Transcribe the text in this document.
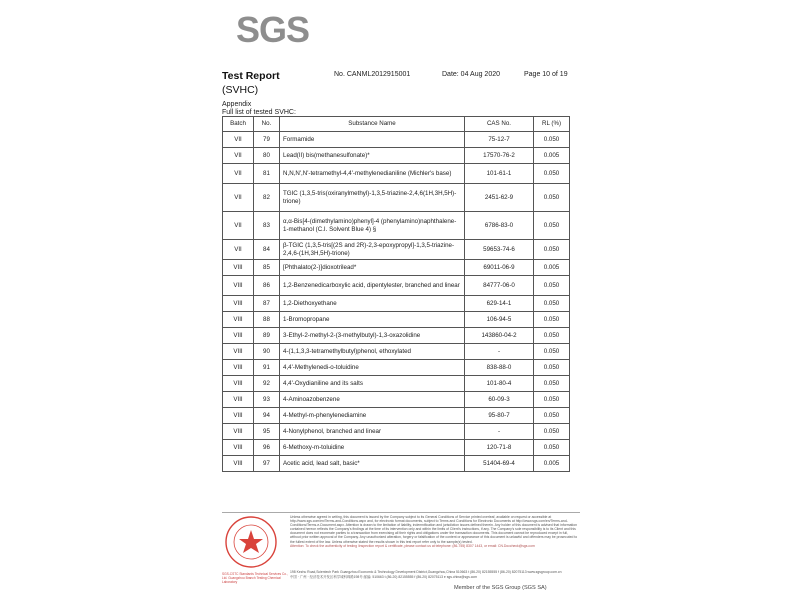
SGS
Test Report
(SVHC)
No. CANML2012915001	Date: 04 Aug 2020	Page 10 of 19
Appendix
Full list of tested SVHC:
Batch	No.	Substance Name	CAS No.	RL (%)
VII	79	Formamide	75-12-7	0.050
VII	80	Lead(II) bis(methanesulfonate)*	17570-76-2	0.005
VII	81	N,N,N',N'-tetramethyl-4,4'-methylenedianiline (Michler's base)	101-61-1	0.050
VII	82	TGIC (1,3,5-tris(oxiranylmethyl)-1,3,5-triazine-2,4,6(1H,3H,5H)-trione)	2451-62-9	0.050
VII	83	α,α-Bis[4-(dimethylamino)phenyl]-4 (phenylamino)naphthalene-1-methanol (C.I. Solvent Blue 4) §	6786-83-0	0.050
VII	84	β-TGIC (1,3,5-tris[(2S and 2R)-2,3-epoxypropyl]-1,3,5-triazine-2,4,6-(1H,3H,5H)-trione)	59653-74-6	0.050
VIII	85	[Phthalato(2-)]dioxotrilead*	69011-06-9	0.005
VIII	86	1,2-Benzenedicarboxylic acid, dipentylester, branched and linear	84777-06-0	0.050
VIII	87	1,2-Diethoxyethane	629-14-1	0.050
VIII	88	1-Bromopropane	106-94-5	0.050
VIII	89	3-Ethyl-2-methyl-2-(3-methylbutyl)-1,3-oxazolidine	143860-04-2	0.050
VIII	90	4-(1,1,3,3-tetramethylbutyl)phenol, ethoxylated	-	0.050
VIII	91	4,4'-Methylenedi-o-toluidine	838-88-0	0.050
VIII	92	4,4'-Oxydianiline and its salts	101-80-4	0.050
VIII	93	4-Aminoazobenzene	60-09-3	0.050
VIII	94	4-Methyl-m-phenylenediamine	95-80-7	0.050
VIII	95	4-Nonylphenol, branched and linear	-	0.050
VIII	96	6-Methoxy-m-toluidine	120-71-8	0.050
VIII	97	Acetic acid, lead salt, basic*	51404-69-4	0.005
SGS-CSTC Standards Technical Services Co., Ltd. Guangzhou Branch Testing Chemical Laboratory
Unless otherwise agreed in writing, this document is issued by the Company subject to its General Conditions of Service printed overleaf, available on request or accessible at http://www.sgs.com/en/Terms-and-Conditions.aspx and, for electronic format documents, subject to Terms and Conditions for Electronic Documents at http://www.sgs.com/en/Terms-and-Conditions/Terms-e-Document.aspx. Attention is drawn to the limitation of liability, indemnification and jurisdiction issues defined therein. Any holder of this document is advised that information contained hereon reflects the Company's findings at the time of its intervention only and within the limits of Client's instructions, if any. The Company's sole responsibility is to its Client and this document does not exonerate parties to a transaction from exercising all their rights and obligations under the transaction documents. This document cannot be reproduced except in full, without prior written approval of the Company. Any unauthorized alteration, forgery or falsification of the content or appearance of this document is unlawful and offenders may be prosecuted to the fullest extent of the law. Unless otherwise stated the results shown in this test report refer only to the sample(s) tested.
Attention: To check the authenticity of testing /inspection report & certificate, please contact us at telephone: (86-755) 8307 1443, or email: CN.Doccheck@sgs.com
198 Kezhu Road,Scientech Park Guangzhou Economic & Technology Development District,Guangzhou,China 510663 t (86-20) 82155555 f (86-20) 82075113 www.sgsgroup.com.cn
中国 · 广州 · 经济技术开发区科学城科珠路198号 邮编: 510663 t (86-20) 82155555 f (86-20) 82075113 e sgs.china@sgs.com
Member of the SGS Group (SGS SA)
